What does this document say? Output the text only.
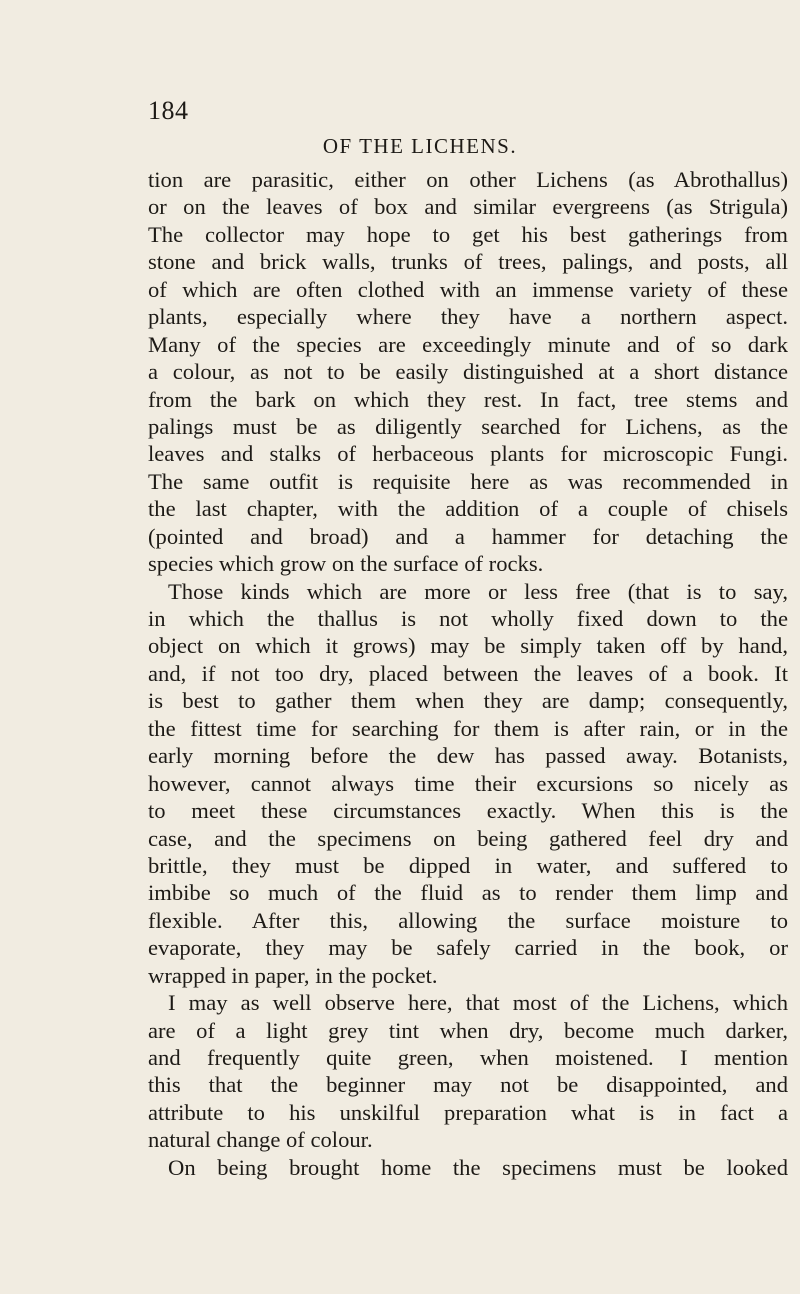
184
OF THE LICHENS.
tion are parasitic, either on other Lichens (as Abrothallus)
or on the leaves of box and similar evergreens (as Strigula)
The collector may hope to get his best gatherings from
stone and brick walls, trunks of trees, palings, and posts, all
of which are often clothed with an immense variety of these
plants, especially where they have a northern aspect.
Many of the species are exceedingly minute and of so dark
a colour, as not to be easily distinguished at a short distance
from the bark on which they rest. In fact, tree stems and
palings must be as diligently searched for Lichens, as the
leaves and stalks of herbaceous plants for microscopic Fungi.
The same outfit is requisite here as was recommended in
the last chapter, with the addition of a couple of chisels
(pointed and broad) and a hammer for detaching the
species which grow on the surface of rocks.
Those kinds which are more or less free (that is to say,
in which the thallus is not wholly fixed down to the
object on which it grows) may be simply taken off by hand,
and, if not too dry, placed between the leaves of a book. It
is best to gather them when they are damp; consequently,
the fittest time for searching for them is after rain, or in the
early morning before the dew has passed away. Botanists,
however, cannot always time their excursions so nicely as
to meet these circumstances exactly. When this is the
case, and the specimens on being gathered feel dry and
brittle, they must be dipped in water, and suffered to
imbibe so much of the fluid as to render them limp and
flexible. After this, allowing the surface moisture to
evaporate, they may be safely carried in the book, or
wrapped in paper, in the pocket.
I may as well observe here, that most of the Lichens, which
are of a light grey tint when dry, become much darker,
and frequently quite green, when moistened. I mention
this that the beginner may not be disappointed, and
attribute to his unskilful preparation what is in fact a
natural change of colour.
On being brought home the specimens must be looked
